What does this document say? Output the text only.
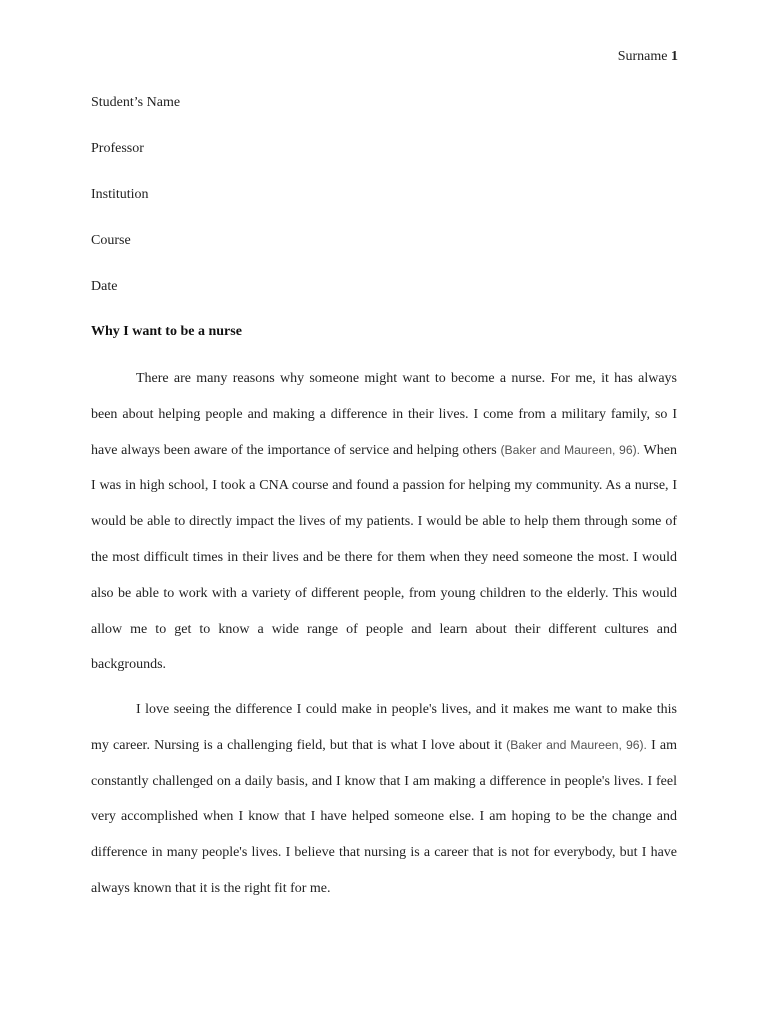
Surname 1
Student’s Name
Professor
Institution
Course
Date
Why I want to be a nurse

There are many reasons why someone might want to become a nurse. For me, it has always been about helping people and making a difference in their lives. I come from a military family, so I have always been aware of the importance of service and helping others (Baker and Maureen, 96). When I was in high school, I took a CNA course and found a passion for helping my community. As a nurse, I would be able to directly impact the lives of my patients. I would be able to help them through some of the most difficult times in their lives and be there for them when they need someone the most. I would also be able to work with a variety of different people, from young children to the elderly. This would allow me to get to know a wide range of people and learn about their different cultures and backgrounds.

I love seeing the difference I could make in people's lives, and it makes me want to make this my career. Nursing is a challenging field, but that is what I love about it (Baker and Maureen, 96). I am constantly challenged on a daily basis, and I know that I am making a difference in people's lives. I feel very accomplished when I know that I have helped someone else. I am hoping to be the change and difference in many people's lives. I believe that nursing is a career that is not for everybody, but I have always known that it is the right fit for me.
